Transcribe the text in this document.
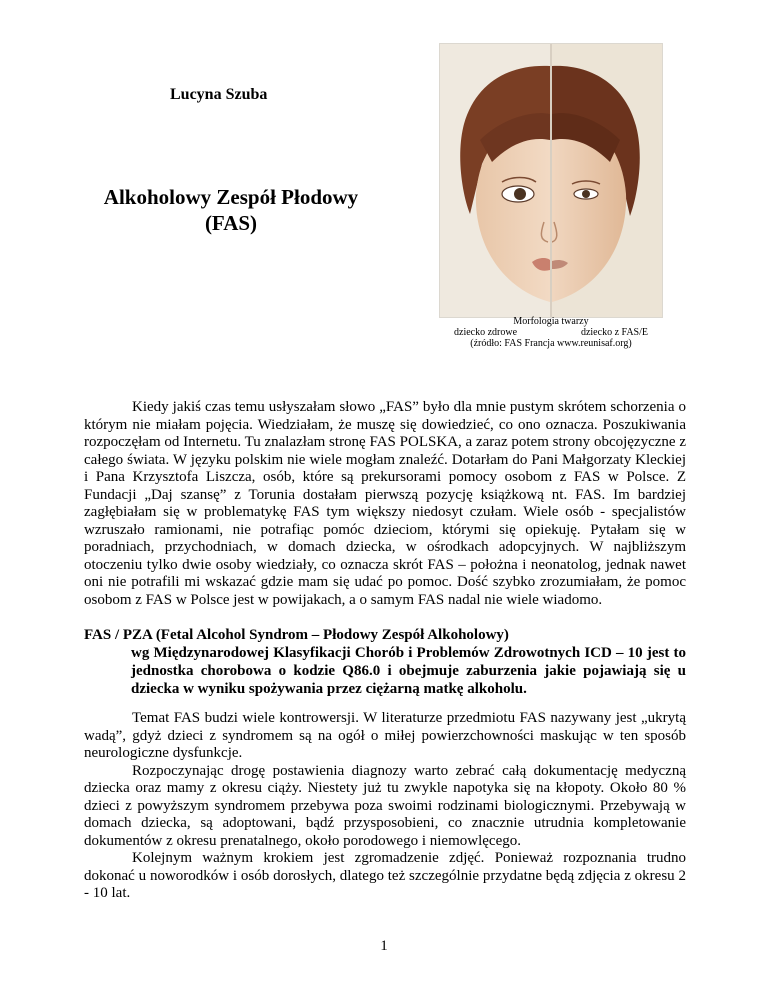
Lucyna Szuba
Alkoholowy Zespół Płodowy
(FAS)
Morfologia twarzy
dziecko zdrowe	dziecko z FAS/E
(źródło: FAS Francja www.reunisaf.org)
Kiedy jakiś czas temu usłyszałam słowo „FAS” było dla mnie pustym skrótem schorzenia o którym nie miałam pojęcia. Wiedziałam, że muszę się dowiedzieć, co ono oznacza. Poszukiwania rozpoczęłam od Internetu. Tu znalazłam stronę FAS POLSKA, a zaraz potem strony obcojęzyczne z całego świata. W języku polskim nie wiele mogłam znaleźć. Dotarłam do Pani Małgorzaty Kleckiej i Pana Krzysztofa Liszcza, osób, które są prekursorami pomocy osobom z FAS w Polsce. Z Fundacji „Daj szansę” z Torunia dostałam pierwszą pozycję książkową nt. FAS. Im bardziej zagłębiałam się w problematykę FAS tym większy niedosyt czułam. Wiele osób - specjalistów wzruszało ramionami, nie potrafiąc pomóc dzieciom, którymi się opiekuję. Pytałam się w poradniach, przychodniach, w domach dziecka, w ośrodkach adopcyjnych. W najbliższym otoczeniu tylko dwie osoby wiedziały, co oznacza skrót FAS – położna i neonatolog, jednak nawet oni nie potrafili mi wskazać gdzie mam się udać po pomoc. Dość szybko zrozumiałam, że pomoc osobom z FAS w Polsce jest w powijakach, a o samym FAS nadal nie wiele wiadomo.
FAS / PZA (Fetal Alcohol Syndrom – Płodowy Zespół Alkoholowy)
wg Międzynarodowej Klasyfikacji Chorób i Problemów Zdrowotnych ICD – 10 jest to jednostka chorobowa o kodzie Q86.0 i obejmuje zaburzenia jakie pojawiają się u dziecka w wyniku spożywania przez ciężarną matkę alkoholu.

Temat FAS budzi wiele kontrowersji. W literaturze przedmiotu FAS nazywany jest „ukrytą wadą”, gdyż dzieci z syndromem są na ogół o miłej powierzchowności maskując w ten sposób neurologiczne dysfunkcje.

Rozpoczynając drogę postawienia diagnozy warto zebrać całą dokumentację medyczną dziecka oraz mamy z okresu ciąży. Niestety już tu zwykle napotyka się na kłopoty. Około 80 % dzieci z powyższym syndromem przebywa poza swoimi rodzinami biologicznymi. Przebywają w domach dziecka, są adoptowani, bądź przysposobieni, co znacznie utrudnia kompletowanie dokumentów z okresu prenatalnego, około porodowego i niemowlęcego.

Kolejnym ważnym krokiem jest zgromadzenie zdjęć. Ponieważ rozpoznania trudno dokonać u noworodków i osób dorosłych, dlatego też szczególnie przydatne będą zdjęcia z okresu 2 - 10 lat.

1
